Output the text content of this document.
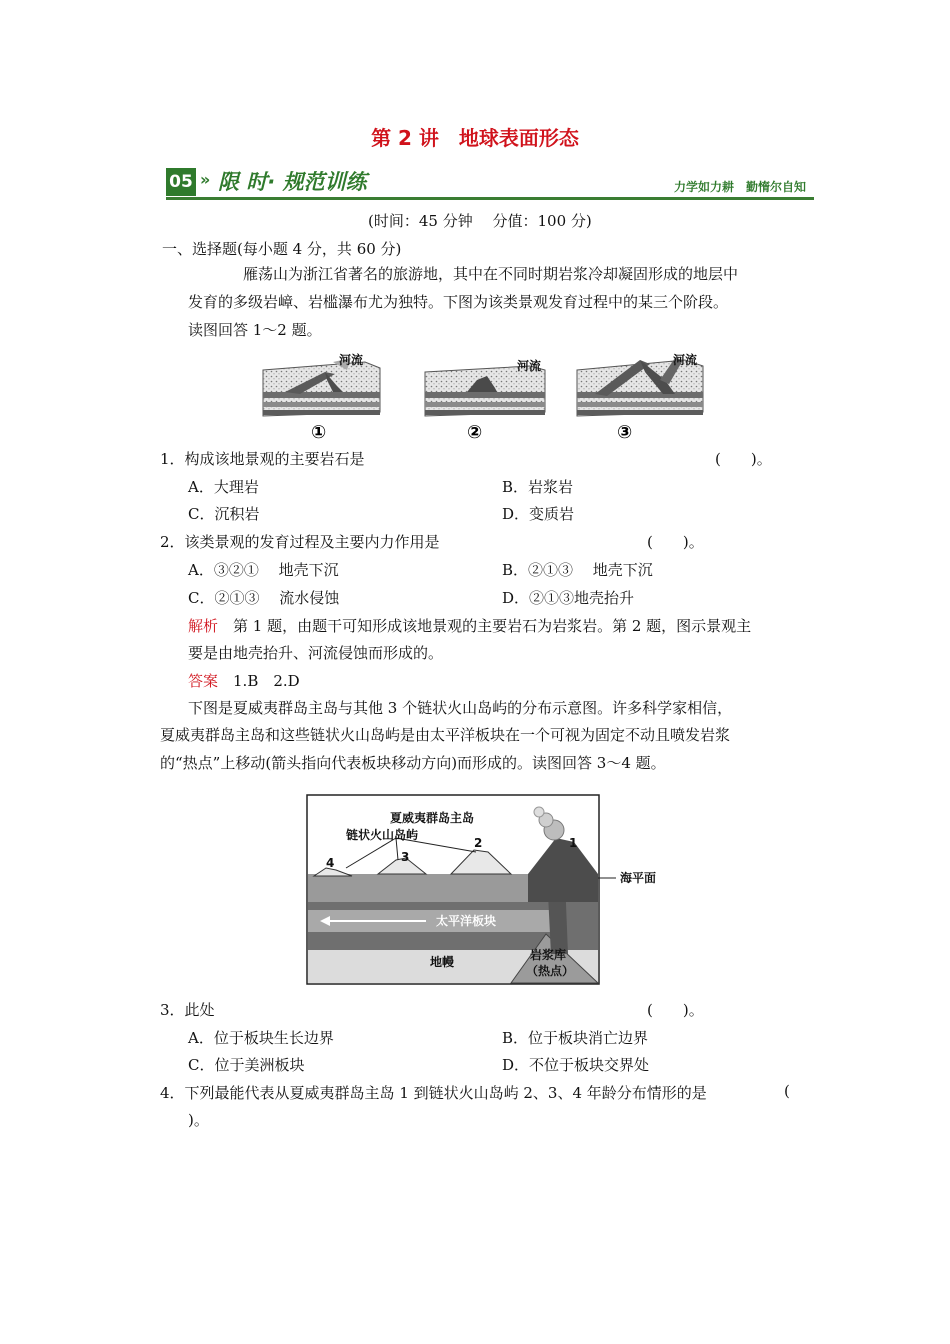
第 2 讲　地球表面形态
05 » 限 时· 规范训练	力学如力耕　勤惰尔自知
(时间：45 分钟　 分值：100 分)
一、选择题(每小题 4 分，共 60 分)
雁荡山为浙江省著名的旅游地，其中在不同时期岩浆冷却凝固形成的地层中
发育的多级岩嶂、岩槛瀑布尤为独特。下图为该类景观发育过程中的某三个阶段。
读图回答 1～2 题。
河流
①
河流
②
河流
③
1．构成该地景观的主要岩石是	(　　)。
A．大理岩	B．岩浆岩
C．沉积岩	D．变质岩
2．该类景观的发育过程及主要内力作用是	(　　)。
A．③②①　 地壳下沉	B．②①③　 地壳下沉
C．②①③　 流水侵蚀	D．②①③地壳抬升
解析　第 1 题，由题干可知形成该地景观的主要岩石为岩浆岩。第 2 题，图示景观主
要是由地壳抬升、河流侵蚀而形成的。
答案　1.B　2.D
下图是夏威夷群岛主岛与其他 3 个链状火山岛屿的分布示意图。许多科学家相信，
夏威夷群岛主岛和这些链状火山岛屿是由太平洋板块在一个可视为固定不动且喷发岩浆
的“热点”上移动(箭头指向代表板块移动方向)而形成的。读图回答 3～4 题。
夏威夷群岛主岛
链状火山岛屿
1
2
3
4
海平面
太平洋板块
地幔	岩浆库
（热点）
3．此处	(　　)。
A．位于板块生长边界	B．位于板块消亡边界
C．位于美洲板块	D．不位于板块交界处
4．下列最能代表从夏威夷群岛主岛 1 到链状火山岛屿 2、3、4 年龄分布情形的是	(
)。
